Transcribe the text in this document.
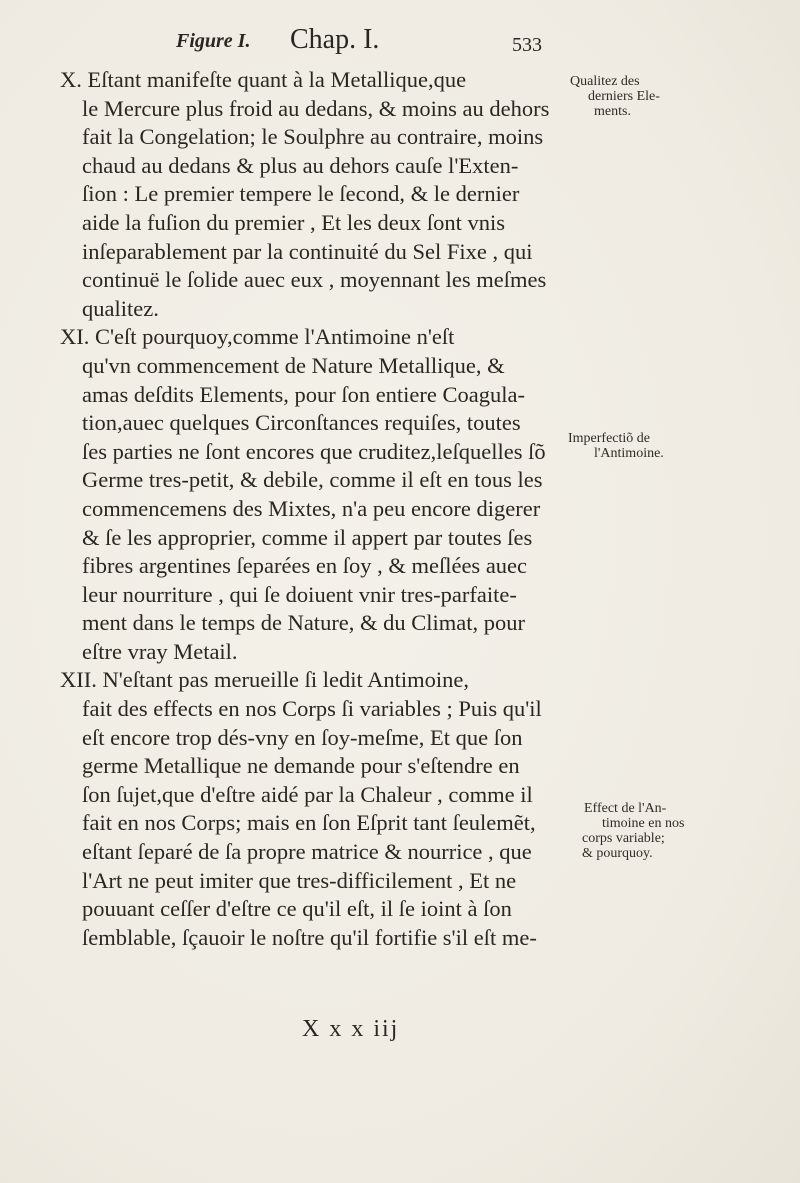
Figure I. Chap. I.	533
X. Eſtant manifeſte quant à la Metallique,que
le Mercure plus froid au dedans, & moins au dehors
fait la Congelation; le Soulphre au contraire, moins
chaud au dedans & plus au dehors cauſe l'Exten-
ſion : Le premier tempere le ſecond, & le dernier
aide la fuſion du premier , Et les deux ſont vnis
inſeparablement par la continuité du Sel Fixe , qui
continuë le ſolide auec eux , moyennant les meſmes
qualitez.
XI. C'eſt pourquoy,comme l'Antimoine n'eſt
qu'vn commencement de Nature Metallique, &
amas deſdits Elements, pour ſon entiere Coagula-
tion,auec quelques Circonſtances requiſes, toutes
ſes parties ne ſont encores que cruditez,leſquelles ſõ
Germe tres-petit, & debile, comme il eſt en tous les
commencemens des Mixtes, n'a peu encore digerer
& ſe les approprier, comme il appert par toutes ſes
fibres argentines ſeparées en ſoy , & meſlées auec
leur nourriture , qui ſe doiuent vnir tres-parfaite-
ment dans le temps de Nature, & du Climat, pour
eſtre vray Metail.
XII. N'eſtant pas merueille ſi ledit Antimoine,
fait des effects en nos Corps ſi variables ; Puis qu'il
eſt encore trop dés-vny en ſoy-meſme, Et que ſon
germe Metallique ne demande pour s'eſtendre en
ſon ſujet,que d'eſtre aidé par la Chaleur , comme il
fait en nos Corps; mais en ſon Eſprit tant ſeulemẽt,
eſtant ſeparé de ſa propre matrice & nourrice , que
l'Art ne peut imiter que tres-difficilement , Et ne
pouuant ceſſer d'eſtre ce qu'il eſt, il ſe ioint à ſon
ſemblable, ſçauoir le noſtre qu'il fortifie s'il eſt me-
Qualitez des
derniers Ele-
ments.
Imperfectiõ de
l'Antimoine.
Effect de l'An-
timoine en nos
corps variable;
& pourquoy.
X x x iij
